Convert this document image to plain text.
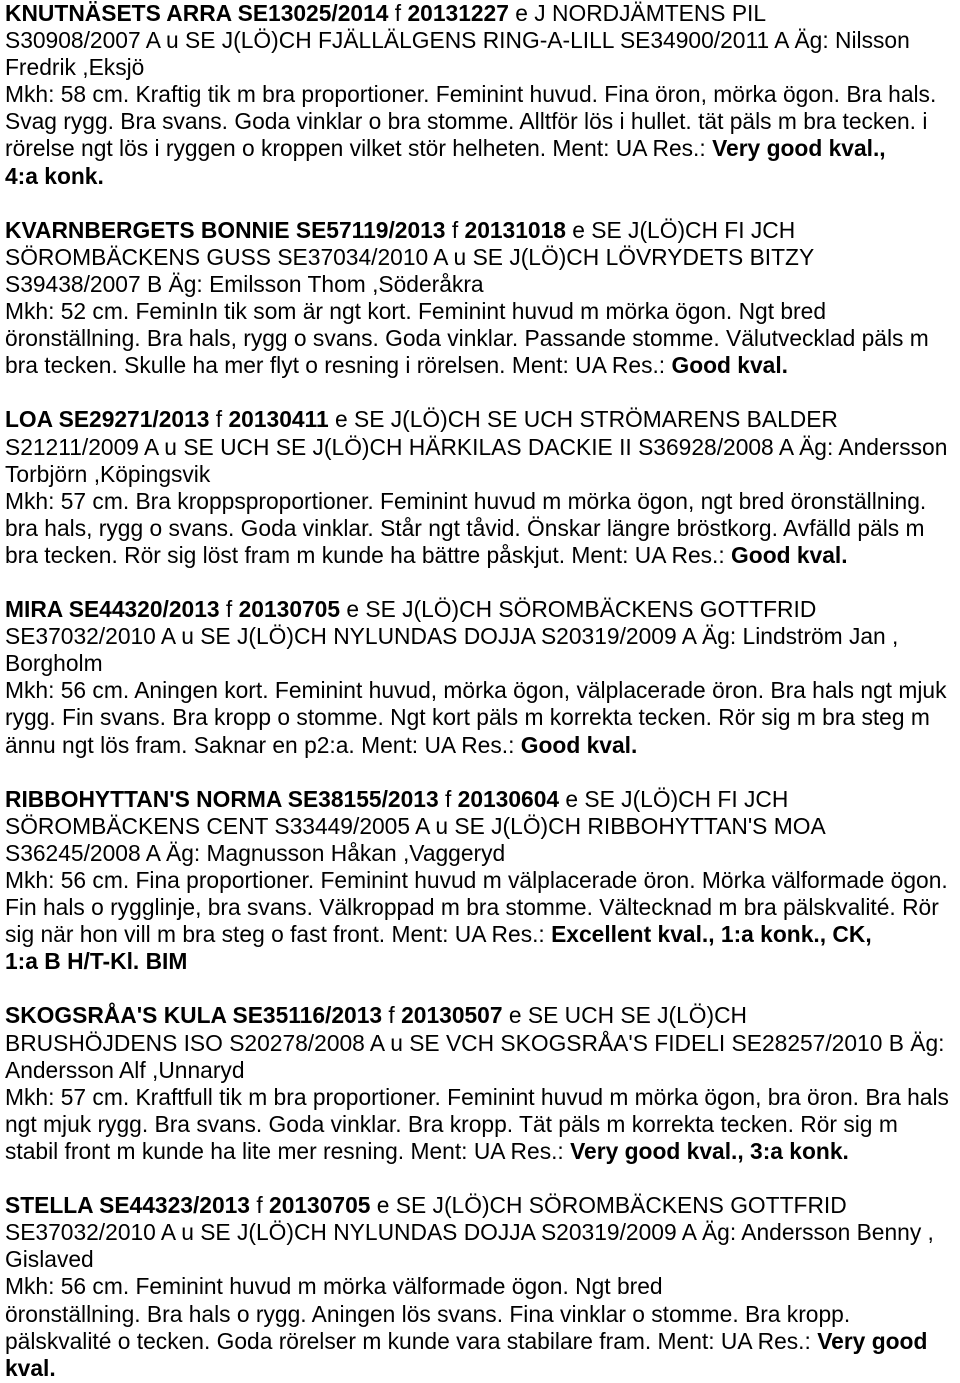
KNUTNÄSETS ARRA SE13025/2014 f 20131227 e J NORDJÄMTENS PIL
S30908/2007 A u SE J(LÖ)CH FJÄLLÄLGENS RING-A-LILL SE34900/2011 A Äg: Nilsson
Fredrik ,Eksjö
Mkh: 58 cm. Kraftig tik m bra proportioner. Feminint huvud. Fina öron, mörka ögon. Bra hals.
Svag rygg. Bra svans. Goda vinklar o bra stomme. Alltför lös i hullet. tät päls m bra tecken. i
rörelse ngt lös i ryggen o kroppen vilket stör helheten. Ment: UA Res.: Very good kval.,
4:a konk.
KVARNBERGETS BONNIE SE57119/2013 f 20131018 e SE J(LÖ)CH FI JCH
SÖROMBÄCKENS GUSS SE37034/2010 A u SE J(LÖ)CH LÖVRYDETS BITZY
S39438/2007 B Äg: Emilsson Thom ,Söderåkra
Mkh: 52 cm. FeminIn tik som är ngt kort. Feminint huvud m mörka ögon. Ngt bred
öronställning. Bra hals, rygg o svans. Goda vinklar. Passande stomme. Välutvecklad päls m
bra tecken. Skulle ha mer flyt o resning i rörelsen. Ment: UA Res.: Good kval.
LOA SE29271/2013 f 20130411 e SE J(LÖ)CH SE UCH STRÖMARENS BALDER
S21211/2009 A u SE UCH SE J(LÖ)CH HÄRKILAS DACKIE II S36928/2008 A Äg: Andersson
Torbjörn ,Köpingsvik
Mkh: 57 cm. Bra kroppsproportioner. Feminint huvud m mörka ögon, ngt bred öronställning.
bra hals, rygg o svans. Goda vinklar. Står ngt tåvid. Önskar längre bröstkorg. Avfälld päls m
bra tecken. Rör sig löst fram m kunde ha bättre påskjut. Ment: UA Res.: Good kval.
MIRA SE44320/2013 f 20130705 e SE J(LÖ)CH SÖROMBÄCKENS GOTTFRID
SE37032/2010 A u SE J(LÖ)CH NYLUNDAS DOJJA S20319/2009 A Äg: Lindström Jan ,
Borgholm
Mkh: 56 cm. Aningen kort. Feminint huvud, mörka ögon, välplacerade öron. Bra hals ngt mjuk
rygg. Fin svans. Bra kropp o stomme. Ngt kort päls m korrekta tecken. Rör sig m bra steg m
ännu ngt lös fram. Saknar en p2:a. Ment: UA Res.: Good kval.
RIBBOHYTTAN'S NORMA SE38155/2013 f 20130604 e SE J(LÖ)CH FI JCH
SÖROMBÄCKENS CENT S33449/2005 A u SE J(LÖ)CH RIBBOHYTTAN'S MOA
S36245/2008 A Äg: Magnusson Håkan ,Vaggeryd
Mkh: 56 cm. Fina proportioner. Feminint huvud m välplacerade öron. Mörka välformade ögon.
Fin hals o rygglinje, bra svans. Välkroppad m bra stomme. Vältecknad m bra pälskvalité. Rör
sig när hon vill m bra steg o fast front. Ment: UA Res.: Excellent kval., 1:a konk., CK,
1:a B H/T-Kl. BIM
SKOGSRÅA'S KULA SE35116/2013 f 20130507 e SE UCH SE J(LÖ)CH
BRUSHÖJDENS ISO S20278/2008 A u SE VCH SKOGSRÅA'S FIDELI SE28257/2010 B Äg:
Andersson Alf ,Unnaryd
Mkh: 57 cm. Kraftfull tik m bra proportioner. Feminint huvud m mörka ögon, bra öron. Bra hals
ngt mjuk rygg. Bra svans. Goda vinklar. Bra kropp. Tät päls m korrekta tecken. Rör sig m
stabil front m kunde ha lite mer resning. Ment: UA Res.: Very good kval., 3:a konk.
STELLA SE44323/2013 f 20130705 e SE J(LÖ)CH SÖROMBÄCKENS GOTTFRID
SE37032/2010 A u SE J(LÖ)CH NYLUNDAS DOJJA S20319/2009 A Äg: Andersson Benny ,
Gislaved
Mkh: 56 cm. Feminint huvud m mörka välformade ögon. Ngt bred
öronställning. Bra hals o rygg. Aningen lös svans. Fina vinklar o stomme. Bra kropp.
pälskvalité o tecken. Goda rörelser m kunde vara stabilare fram. Ment: UA Res.: Very good
kval.
